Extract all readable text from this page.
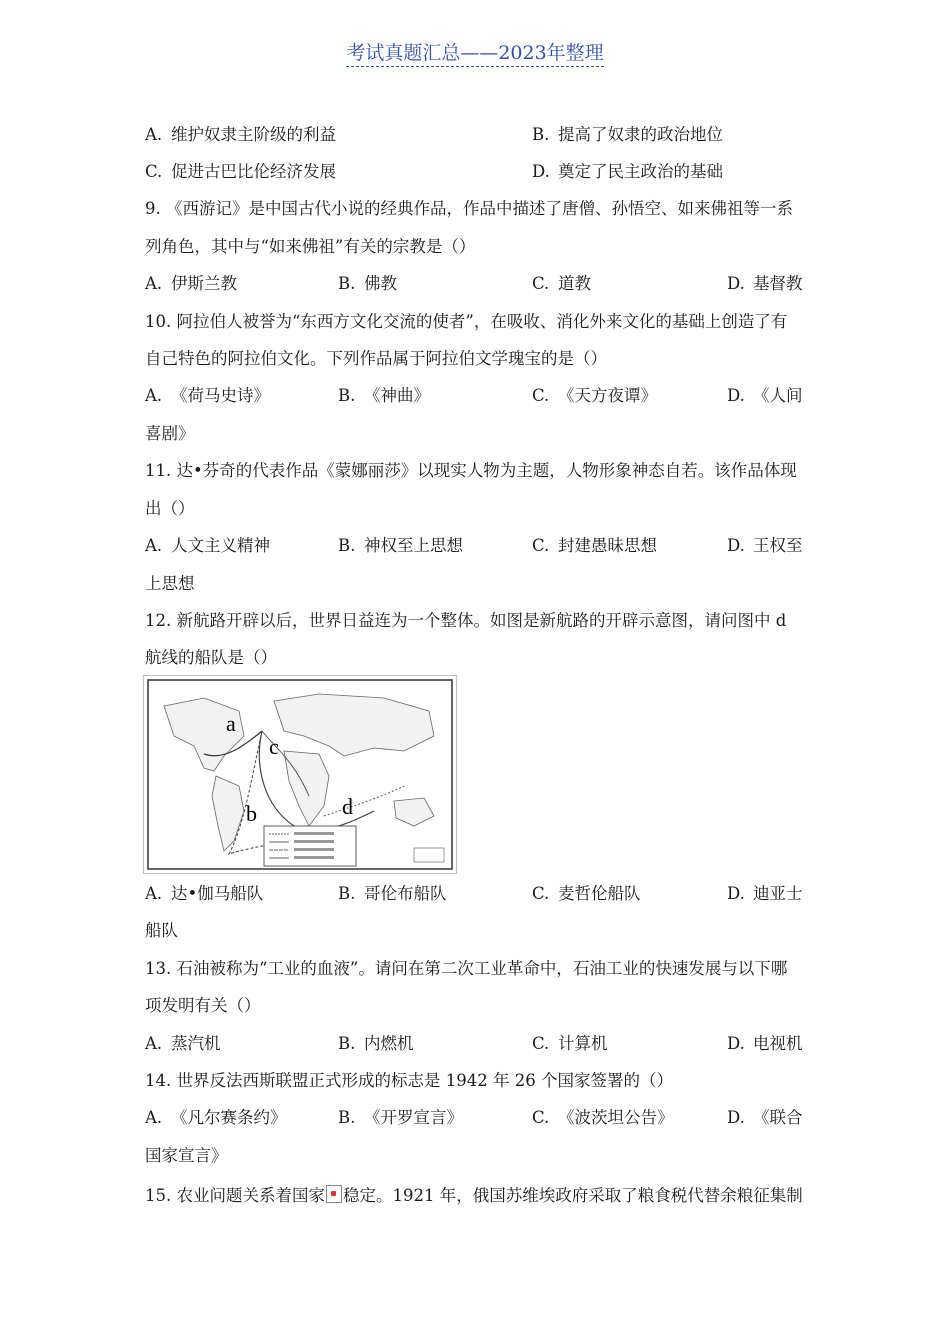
考试真题汇总——2023年整理
A. 维护奴隶主阶级的利益	B. 提高了奴隶的政治地位
C. 促进古巴比伦经济发展	D. 奠定了民主政治的基础
9. 《西游记》是中国古代小说的经典作品，作品中描述了唐僧、孙悟空、如来佛祖等一系
列角色，其中与“如来佛祖”有关的宗教是（）
A. 伊斯兰教	B. 佛教	C. 道教	D. 基督教
10. 阿拉伯人被誉为“东西方文化交流的使者”，在吸收、消化外来文化的基础上创造了有
自己特色的阿拉伯文化。下列作品属于阿拉伯文学瑰宝的是（）
A. 《荷马史诗》	B. 《神曲》	C. 《天方夜谭》	D. 《人间
喜剧》
11. 达•芬奇的代表作品《蒙娜丽莎》以现实人物为主题，人物形象神态自若。该作品体现
出（）
A. 人文主义精神	B. 神权至上思想	C. 封建愚昧思想	D. 王权至
上思想
12. 新航路开辟以后，世界日益连为一个整体。如图是新航路的开辟示意图，请问图中 d
航线的船队是（）
a
b
c
d
A. 达•伽马船队	B. 哥伦布船队	C. 麦哲伦船队	D. 迪亚士
船队
13. 石油被称为“工业的血液”。请问在第二次工业革命中，石油工业的快速发展与以下哪
项发明有关（）
A. 蒸汽机	B. 内燃机	C. 计算机	D. 电视机
14. 世界反法西斯联盟正式形成的标志是 1942 年 26 个国家签署的（）
A. 《凡尔赛条约》	B. 《开罗宣言》	C. 《波茨坦公告》	D. 《联合
国家宣言》
15. 农业问题关系着国家 稳定。1921 年，俄国苏维埃政府采取了粮食税代替余粮征集制
